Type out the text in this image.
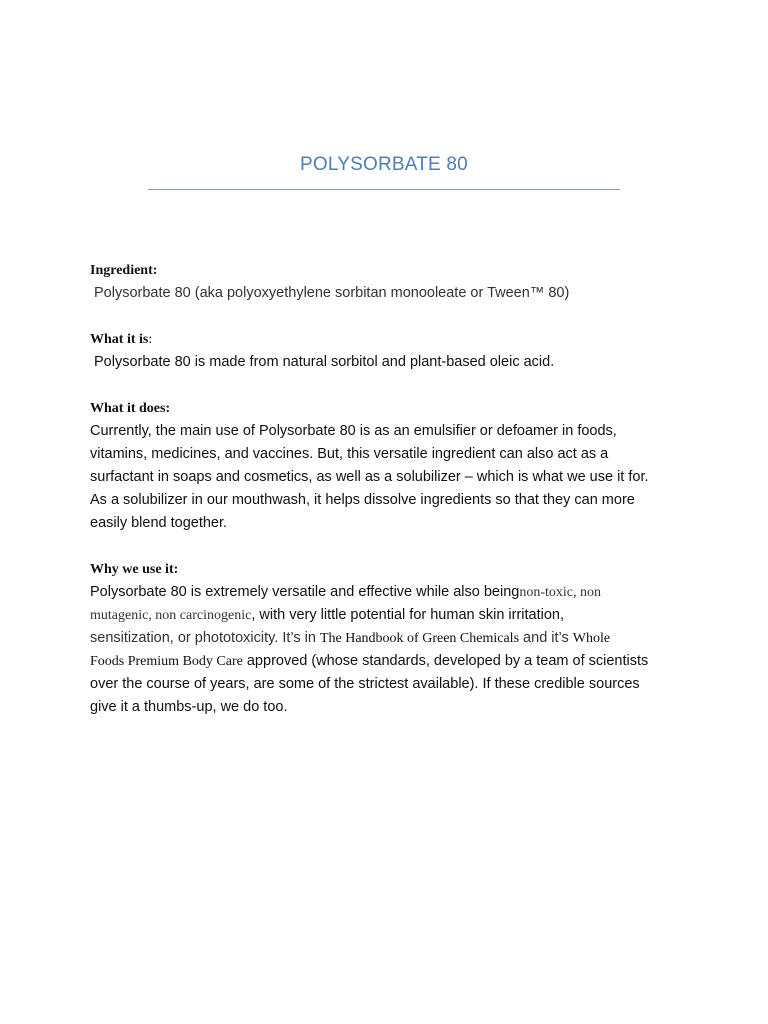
POLYSORBATE 80

Ingredient:

Polysorbate 80 (aka polyoxyethylene sorbitan monooleate or Tween™ 80)

What it is:

Polysorbate 80 is made from natural sorbitol and plant-based oleic acid.

What it does:

Currently, the main use of Polysorbate 80 is as an emulsifier or defoamer in foods,

vitamins, medicines, and vaccines. But, this versatile ingredient can also act as a

surfactant in soaps and cosmetics, as well as a solubilizer – which is what we use it for.

As a solubilizer in our mouthwash, it helps dissolve ingredients so that they can more

easily blend together.

Why we use it:

Polysorbate 80 is extremely versatile and effective while also beingnon-toxic, non

mutagenic, non carcinogenic, with very little potential for human skin irritation,

sensitization, or phototoxicity. It’s in The Handbook of Green Chemicals and it’s Whole

Foods Premium Body Care approved (whose standards, developed by a team of scientists

over the course of years, are some of the strictest available). If these credible sources

give it a thumbs-up, we do too.
